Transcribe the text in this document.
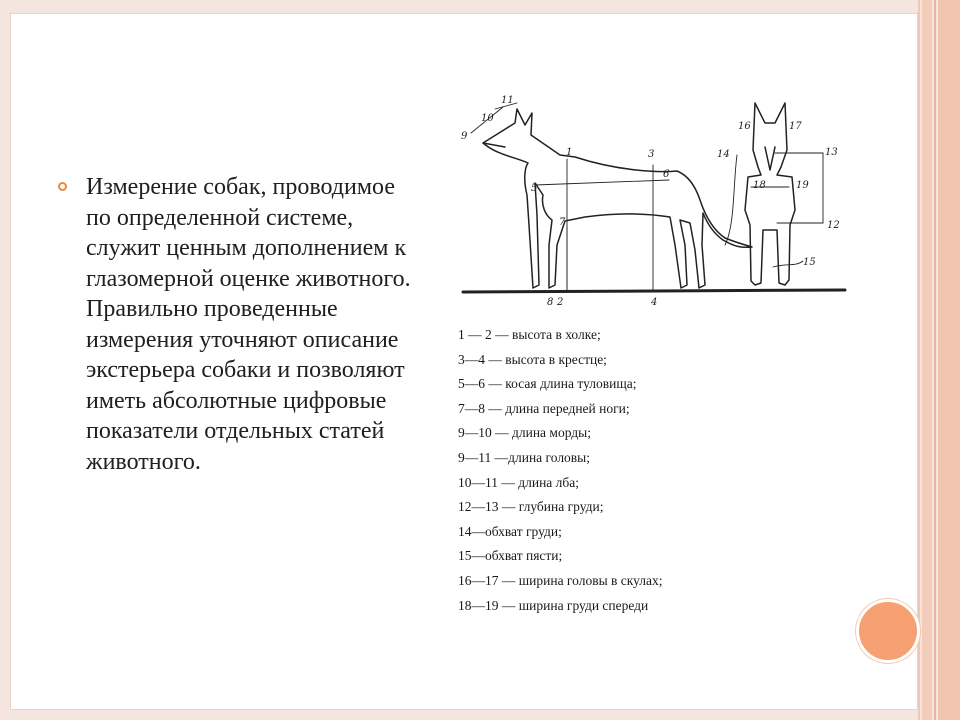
Измерение собак, проводимое по определенной системе, служит ценным дополнением к глазомерной оценке животного. Правильно проведенные измерения уточняют описание экстерьера собаки и позволяют иметь абсолютные цифровые показатели отдельных статей животного.

1
2
3
4
5
6
7
8
9
10
11
12
13
14
15
16	17
18	19
1 — 2 — высота в холке;
3—4 — высота в крестце;
5—6 — косая длина туловища;
7—8 — длина передней ноги;
9—10 — длина морды;
9—11 —длина головы;
10—11 — длина лба;
12—13 — глубина груди;
14—обхват груди;
15—обхват пясти;
16—17 — ширина головы в скулах;
18—19 — ширина груди спереди
